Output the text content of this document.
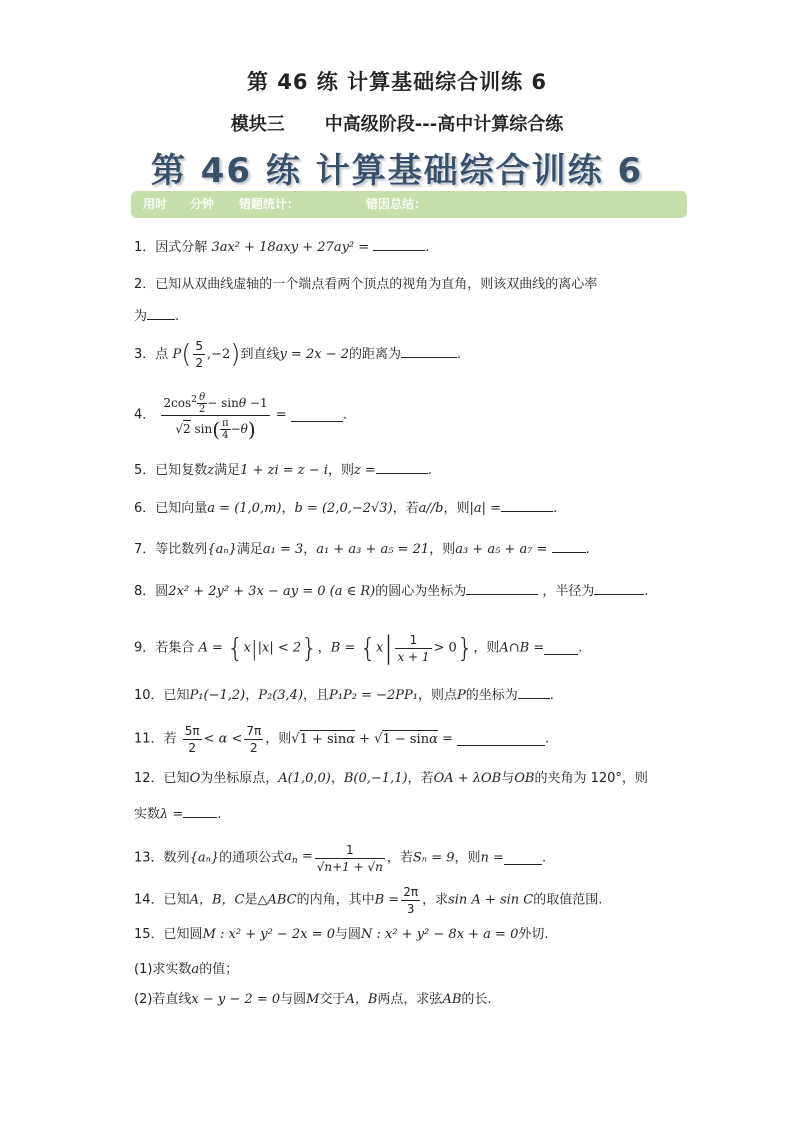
第 46 练 计算基础综合训练 6
模块三 中高级阶段---高中计算综合练
第 46 练 计算基础综合训练 6
用时 分钟 错题统计：	错因总结：
1．因式分解 3ax² + 18axy + 27ay² =	.
2．已知从双曲线虚轴的一个端点看两个顶点的视角为直角，则该双曲线的离心率
为 .
3．点 $P( \frac{5}{2} ,-2)$到直线y = 2x − 2的距离为	.
4． $\frac{2\cos^2 \frac{\theta}{2} - \sin\theta -1}{√2 \sin( \frac{\pi}{4} -\theta)}$ =	.
5．已知复数z满足1 + zi = z − i，则z =	.
6．已知向量a = (1,0,m)，b = (2,0,−2√3)，若a//b，则|a| =	.
7．等比数列{aₙ}满足a₁ = 3，a₁ + a₃ + a₅ = 21，则a₃ + a₅ + a₇ =	.
8．圆2x² + 2y² + 3x − ay = 0 (a ∈ R)的圆心为坐标为	，半径为	.
9．若集合 A = {x||x| < 2}，$B = \{x| \frac{1}{x + 1} > 0\}$，则A∩B =	.
10．已知P₁(−1,2)，P₂(3,4)，且P₁P₂ = −2PP₁，则点P的坐标为 .
11．若 $\frac{5\pi}{2} < \alpha < \frac{7\pi}{2}$ ，则√1 + sinα + √1 − sinα =	.
12．已知O为坐标原点，A(1,0,0)，B(0,−1,1)，若OA + λOB与OB的夹角为 120°，则
实数λ =	.
13．数列{aₙ}的通项公式$a_n = \frac{1}{√n+1 + √n}$ ，若Sₙ = 9，则n =	.
14．已知A，B，C是△ABC的内角，其中$B = \frac{2\pi}{3}$ ，求sin A + sin C的取值范围.
15．已知圆M : x² + y² − 2x = 0与圆N : x² + y² − 8x + a = 0外切.
(1)求实数a的值；
(2)若直线x − y − 2 = 0与圆M交于A，B两点，求弦AB的长.
